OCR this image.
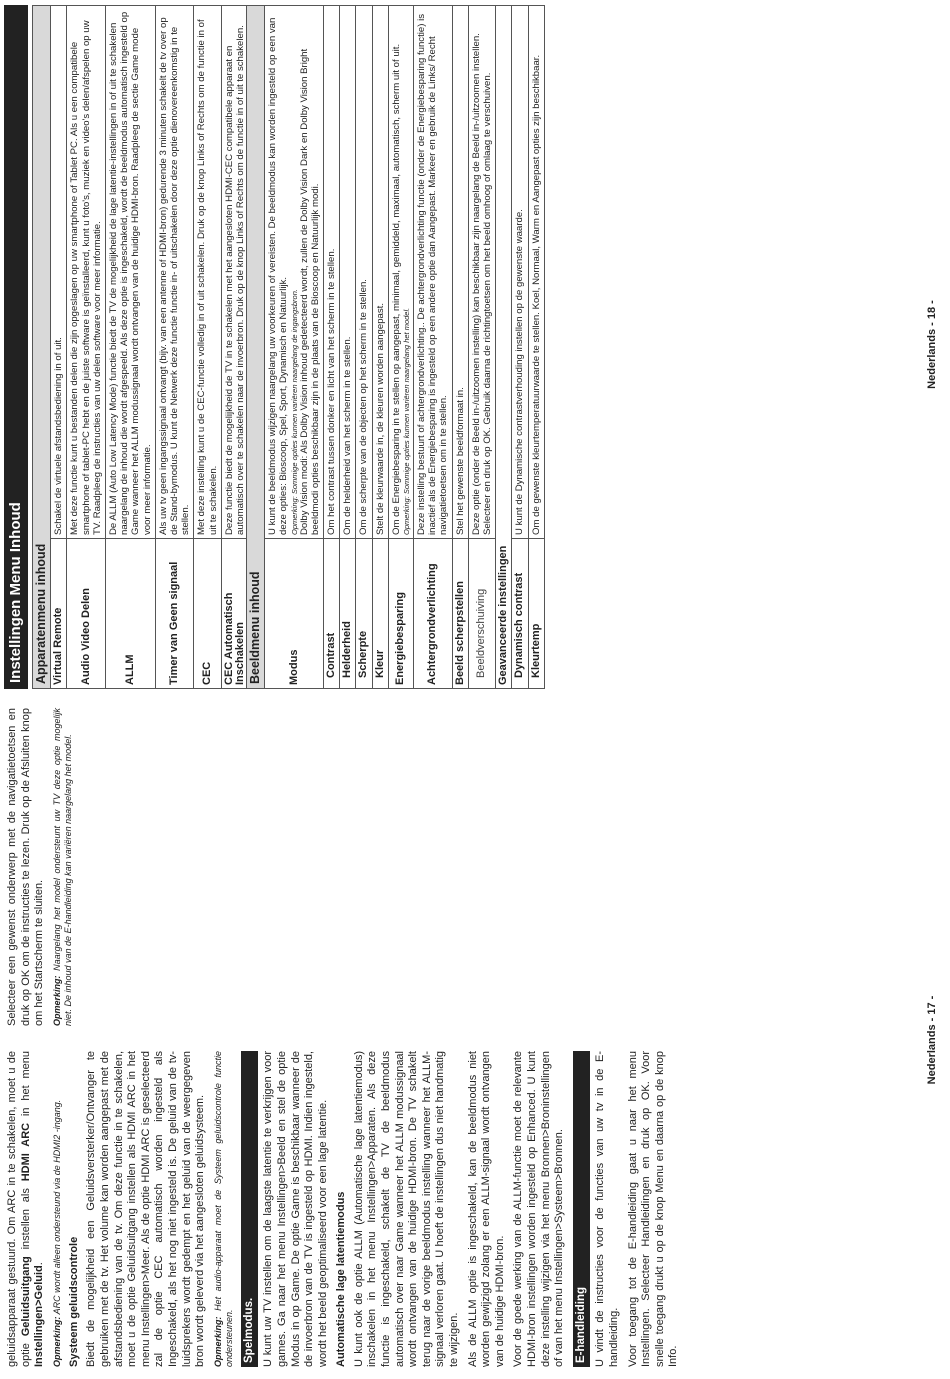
geluidsapparaat gestuurd. Om ARC in te schakelen, moet u de optie Geluidsuitgang instellen als HDMI ARC in het menu Instellingen>Geluid.

Opmerking: ARC wordt alleen ondersteund via de HDMI2 -ingang. Systeem geluidscontrole Biedt de mogelijkheid een Geluidsversterker/Ontvanger te gebruiken met de tv. Het volume kan worden aangepast met de afstandsbediening van de tv. Om deze functie in te schakelen, moet u de optie Geluidsuitgang instellen als HDMI ARC in het menu Instellingen>Meer. Als de optie HDMI ARC is geselecteerd zal de optie CEC automatisch worden ingesteld als Ingeschakeld, als het nog niet ingesteld is. De geluid van de tv-luidsprekers wordt gedempt en het geluid van de weergegeven bron wordt geleverd via het aangesloten geluidsysteem. Opmerking: Het audio-apparaat moet de Systeem geluidscontrole functie ondersteunen. Spelmodus. U kunt uw TV instellen om de laagste latentie te verkrijgen voor games. Ga naar het menu Instellingen>Beeld en stel de optie Modus in op Game. De optie Game is beschikbaar wanneer de de invoerbron van de TV is ingesteld op HDMI. Indien ingesteld, wordt het beeld geoptimaliseerd voor een lage latentie. Automatische lage latentiemodus U kunt ook de optie ALLM (Automatische lage latentiemodus) inschakelen in het menu Instellingen>Apparaten. Als deze functie is ingeschakeld, schakelt de TV de beeldmodus automatisch over naar Game wanneer het ALLM modussignaal wordt ontvangen van de huidige HDMI-bron. De TV schakelt terug naar de vorige beeldmodus instelling wanneer het ALLM-signaal verloren gaat. U hoeft de instellingen dus niet handmatig te wijzigen. Als de ALLM optie is ingeschakeld, kan de beeldmodus niet worden gewijzigd zolang er een ALLM-signaal wordt ontvangen van de huidige HDMI-bron. Voor de goede werking van de ALLM-functie moet de relevante HDMI-bron instellingen worden ingesteld op Enhanced. U kunt deze instelling wijzigen via het menu Bronnen>Broninstellingen of van het menu Instellingen>Systeem>Bronnen. E-handleiding U vindt de instructies voor de functies van uw tv in de E-handleiding. Voor toegang tot de E-handleiding gaat u naar het menu Instellingen. Selecteer Handleidingen en druk op OK. Voor snelle toegang drukt u op de knop Menu en daarna op de knop Info.

Selecteer een gewenst onderwerp met de navigatietoetsen en druk op OK om de instructies te lezen. Druk op de Afsluiten knop om het Startscherm te sluiten. Opmerking: Naargelang het model ondersteunt uw TV deze optie mogelijk niet. De inhoud van de E-handleiding kan variëren naargelang het model.

Nederlands - 17 -
Instellingen Menu Inhoud Apparatenmenu inhoud	
Virtual Remote	Schakel de virtuele afstandsbediening in of uit.
Audio Video Delen	Met deze functie kunt u bestanden delen die zijn opgeslagen op uw smartphone of Tablet PC. Als u een compatibele smartphone of tablet-PC hebt en de juiste software is geïnstalleerd, kunt u foto's, muziek en video's delen/afspelen op uw TV. Raadpleeg de instructies van uw delen software voor meer informatie.
ALLM	De ALLM (Auto Low Latency Mode) functie biedt de TV de mogelijkheid de lage latentie-instellingen in of uit te schakelen naargelang de inhoud die wordt afgespeeld. Als deze optie is ingeschakeld, wordt de beeldmodus automatisch ingesteld op Game wanneer het ALLM modussignaal wordt ontvangen van de huidige HDMI-bron. Raadpleeg de sectie Game mode voor meer informatie.
Timer van Geen signaal	Als uw tv geen ingangssignaal ontvangt (bijv. van een antenne of HDMI-bron) gedurende 3 minuten schakelt de tv over op de Stand-bymodus. U kunt de Netwerk deze functie functie in- of uitschakelen door deze optie dienovereenkomstig in te stellen.
CEC	Met deze instelling kunt u de CEC-functie volledig in of uit schakelen. Druk op de knop Links of Rechts om de functie in of uit te schakelen.
CEC Automatisch Inschakelen	Deze functie biedt de mogelijkheid de TV in te schakelen met het aangesloten HDMI-CEC compatibele apparaat en automatisch over te schakelen naar de invoerbron. Druk op de knop Links of Rechts om de functie in of uit te schakelen.
Beeldmenu inhoud	
Modus	U kunt de beeldmodus wijzigen naargelang uw voorkeuren of vereisten. De beeldmodus kan worden ingesteld op een van deze opties: Bioscoop, Spel, Sport, Dynamisch en Natuurlijk. Opmerking: Sommige opties kunnen variëren naargelang de ingangsbron. Dolby Vision modi: Als Dolby Vision inhoud gedetecteerd wordt, zullen de Dolby Vision Dark en Dolby Vision Bright beeldmodi opties beschikbaar zijn in de plaats van de Bioscoop en Natuurlijk modi.

Contrast	Om het contrast tussen donker en licht van het scherm in te stellen.
Helderheid	Om de helderheid van het scherm in te stellen.
Scherpte	Om de scherpte van de objecten op het scherm in te stellen.
Kleur	Stelt de kleurwaarde in, de kleuren worden aangepast.
Energiebesparing	Om de Energiebesparing in te stellen op aangepast, minimaal, gemiddeld, maximaal, automatisch, scherm uit of uit. Opmerking: Sommige opties kunnen variëren naargelang het model.

Achtergrondverlichting	Deze instelling bestuurt of achtergrondverlichting.. De achtergrondverlichting functie (onder de Energiebesparing functie) is inactief als de Energiebesparing is ingesteld op een andere optie dan Aangepast. Markeer en gebruik de Links/ Recht navigatietoetsen om in te stellen.
Beeld scherpstellen	Stel het gewenste beeldformaat in.
Beeldverschuiving	Deze optie (onder de Beeld in-/uitzoomen instelling) kan beschikbaar zijn naargelang de Beeld in-/uitzoomen instellen. Selecteer en druk op OK. Gebruik daarna de richtingtoetsen om het beeld omhoog of omlaag te verschuiven.
Geavanceerde instellingen	
Dynamisch contrast	U kunt de Dynamische contrastverhouding instellen op de gewenste waarde.
Kleurtemp	Om de gewenste kleurtemperatuurwaarde te stellen. Koel, Normaal, Warm en Aangepast opties zijn beschikbaar.	Nederlands - 18 -
